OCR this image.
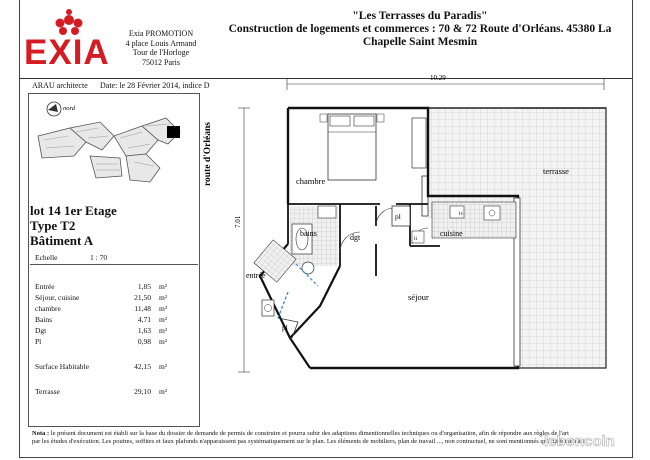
EXIA	Exia PROMOTION
4 place Louis Armand
Tour de l'Horloge
75012 Paris
"Les Terrasses du Paradis"
Construction de logements et commerces : 70 & 72 Route d'Orléans. 45380 La Chapelle Saint Mesmin
ARAU architecte Date: le 28 Février 2014, indice D
nord
lot 14 1er Etage
Type T2
Bâtiment A
Echelle	1 : 70
Entrée	1,85 m²
Séjour, cuisine	21,50 m²
chambre	11,48 m²
Bains	4,71 m²
Dgt	1,63 m²
Pl	0,98 m²
Surface Habitable	42,15 m²
Terrasse	29,10 m²
10.29
7.01
route d'Orléans	chambre
terrasse
bains	dgt	cuisine
séjour
entrée
pl
pl
lv
li
Nota : le présent document est établi sur la base du dossier de demande de permis de construire et pourra subir des adaptions dimentionnelles techniques ou d'organisation, afin de répondre aux règles de l'art
par les études d'exécution. Les poutres, soffites et faux plafonds n'apparaissent pas systématiquement sur le plan. Les éléments de mobiliers, plan de travail ..., non contractuel, ne sont mentionnés qu'à titre indicatif.
leboncoin
